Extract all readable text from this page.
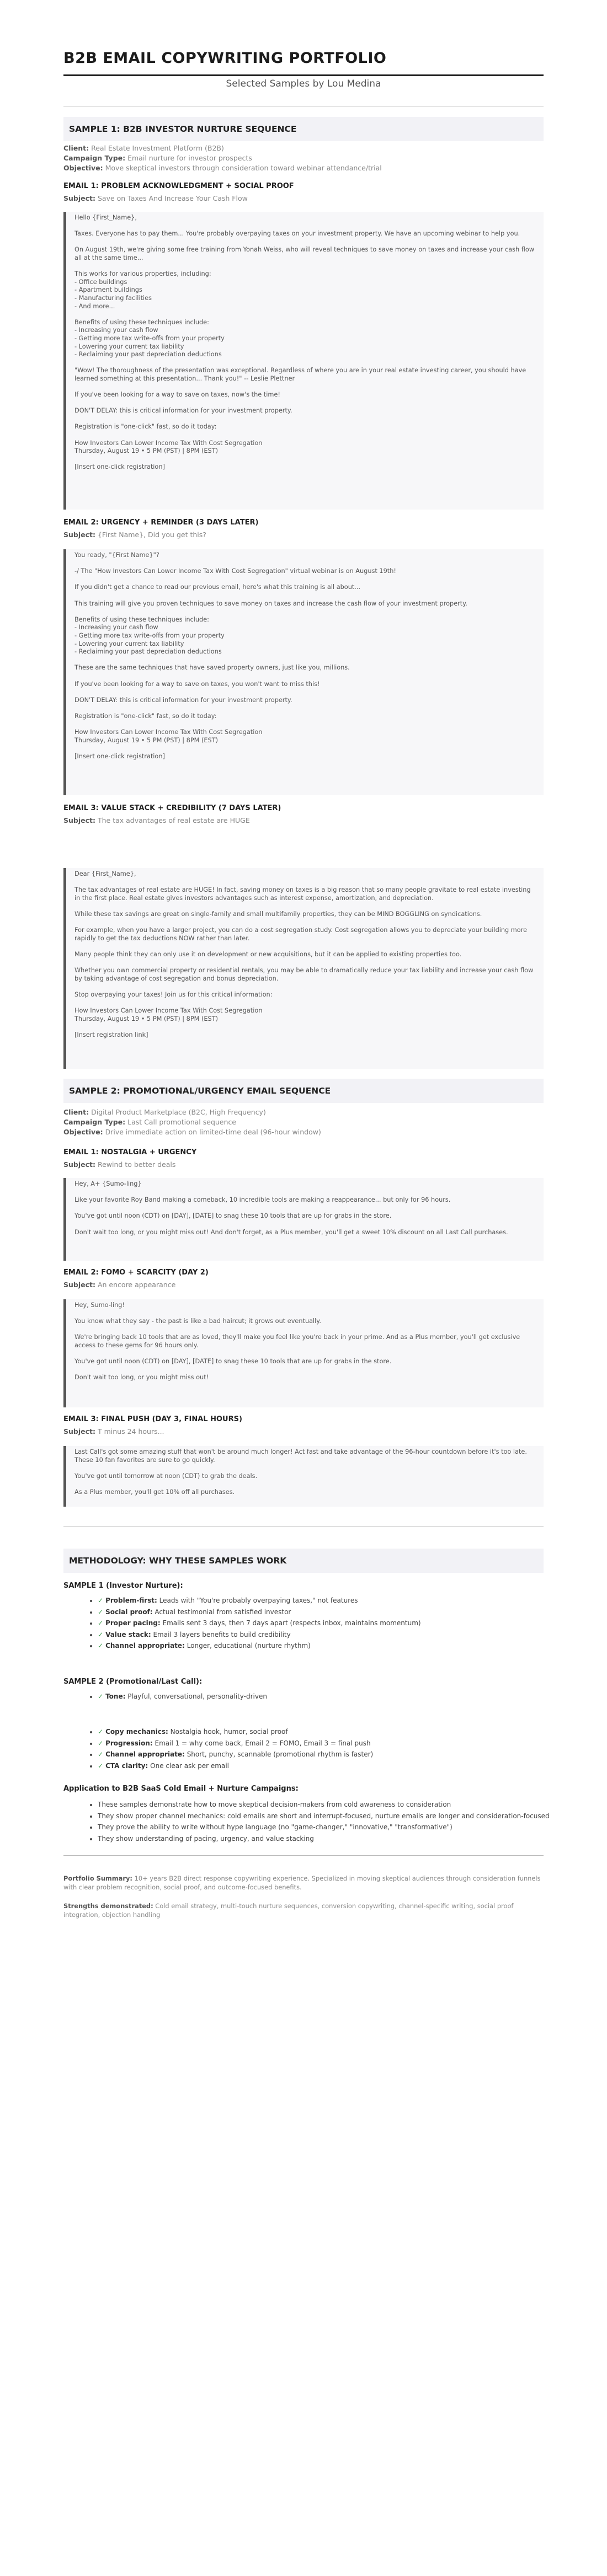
B2B EMAIL COPYWRITING PORTFOLIO
Selected Samples by Lou Medina
SAMPLE 1: B2B INVESTOR NURTURE SEQUENCE
Client: Real Estate Investment Platform (B2B)
Campaign Type: Email nurture for investor prospects
Objective: Move skeptical investors through consideration toward webinar attendance/trial
EMAIL 1: PROBLEM ACKNOWLEDGMENT + SOCIAL PROOF
Subject: Save on Taxes And Increase Your Cash Flow

Hello {First_Name},

Taxes. Everyone has to pay them... You're probably overpaying taxes on your investment property. We have an upcoming webinar to help you.

On August 19th, we're giving some free training from Yonah Weiss, who will reveal techniques to save money on taxes and increase your cash flow all at the same time...

This works for various properties, including:
- Office buildings
- Apartment buildings
- Manufacturing facilities
- And more...

Benefits of using these techniques include:
- Increasing your cash flow
- Getting more tax write-offs from your property
- Lowering your current tax liability
- Reclaiming your past depreciation deductions

"Wow! The thoroughness of the presentation was exceptional. Regardless of where you are in your real estate investing career, you should have learned something at this presentation... Thank you!" -- Leslie Plettner

If you've been looking for a way to save on taxes, now's the time!

DON'T DELAY: this is critical information for your investment property.

Registration is "one-click" fast, so do it today:

How Investors Can Lower Income Tax With Cost Segregation
Thursday, August 19 • 5 PM (PST) | 8PM (EST)

[Insert one-click registration]

EMAIL 2: URGENCY + REMINDER (3 DAYS LATER)
Subject: {First Name}, Did you get this?

You ready, "{First Name}"?

-/ The "How Investors Can Lower Income Tax With Cost Segregation" virtual webinar is on August 19th!

If you didn't get a chance to read our previous email, here's what this training is all about...

This training will give you proven techniques to save money on taxes and increase the cash flow of your investment property.

Benefits of using these techniques include:
- Increasing your cash flow
- Getting more tax write-offs from your property
- Lowering your current tax liability
- Reclaiming your past depreciation deductions

These are the same techniques that have saved property owners, just like you, millions.

If you've been looking for a way to save on taxes, you won't want to miss this!

DON'T DELAY: this is critical information for your investment property.

Registration is "one-click" fast, so do it today:

How Investors Can Lower Income Tax With Cost Segregation
Thursday, August 19 • 5 PM (PST) | 8PM (EST)

[Insert one-click registration]

EMAIL 3: VALUE STACK + CREDIBILITY (7 DAYS LATER)
Subject: The tax advantages of real estate are HUGE

Dear {First_Name},

The tax advantages of real estate are HUGE! In fact, saving money on taxes is a big reason that so many people gravitate to real estate investing in the first place. Real estate gives investors advantages such as interest expense, amortization, and depreciation.

While these tax savings are great on single-family and small multifamily properties, they can be MIND BOGGLING on syndications.

For example, when you have a larger project, you can do a cost segregation study. Cost segregation allows you to depreciate your building more rapidly to get the tax deductions NOW rather than later.

Many people think they can only use it on development or new acquisitions, but it can be applied to existing properties too.

Whether you own commercial property or residential rentals, you may be able to dramatically reduce your tax liability and increase your cash flow by taking advantage of cost segregation and bonus depreciation.

Stop overpaying your taxes! Join us for this critical information:

How Investors Can Lower Income Tax With Cost Segregation
Thursday, August 19 • 5 PM (PST) | 8PM (EST)

[Insert registration link]

SAMPLE 2: PROMOTIONAL/URGENCY EMAIL SEQUENCE
Client: Digital Product Marketplace (B2C, High Frequency)
Campaign Type: Last Call promotional sequence
Objective: Drive immediate action on limited-time deal (96-hour window)
EMAIL 1: NOSTALGIA + URGENCY
Subject: Rewind to better deals

Hey, A+ {Sumo-ling}

Like your favorite Roy Band making a comeback, 10 incredible tools are making a reappearance... but only for 96 hours.

You've got until noon (CDT) on [DAY], [DATE] to snag these 10 tools that are up for grabs in the store.

Don't wait too long, or you might miss out! And don't forget, as a Plus member, you'll get a sweet 10% discount on all Last Call purchases.

EMAIL 2: FOMO + SCARCITY (DAY 2)
Subject: An encore appearance

Hey, Sumo-ling!

You know what they say - the past is like a bad haircut; it grows out eventually.

We're bringing back 10 tools that are as loved, they'll make you feel like you're back in your prime. And as a Plus member, you'll get exclusive access to these gems for 96 hours only.

You've got until noon (CDT) on [DAY], [DATE] to snag these 10 tools that are up for grabs in the store.

Don't wait too long, or you might miss out!

EMAIL 3: FINAL PUSH (DAY 3, FINAL HOURS)
Subject: T minus 24 hours...

Last Call's got some amazing stuff that won't be around much longer! Act fast and take advantage of the 96-hour countdown before it's too late. These 10 fan favorites are sure to go quickly.

You've got until tomorrow at noon (CDT) to grab the deals.

As a Plus member, you'll get 10% off all purchases.

METHODOLOGY: WHY THESE SAMPLES WORK
SAMPLE 1 (Investor Nurture):
• ✓ Problem-first: Leads with "You're probably overpaying taxes," not features
• ✓ Social proof: Actual testimonial from satisfied investor
• ✓ Proper pacing: Emails sent 3 days, then 7 days apart (respects inbox, maintains momentum)
• ✓ Value stack: Email 3 layers benefits to build credibility
• ✓ Channel appropriate: Longer, educational (nurture rhythm)
SAMPLE 2 (Promotional/Last Call):
• ✓ Tone: Playful, conversational, personality-driven
• ✓ Copy mechanics: Nostalgia hook, humor, social proof
• ✓ Progression: Email 1 = why come back, Email 2 = FOMO, Email 3 = final push
• ✓ Channel appropriate: Short, punchy, scannable (promotional rhythm is faster)
• ✓ CTA clarity: One clear ask per email
Application to B2B SaaS Cold Email + Nurture Campaigns:
• These samples demonstrate how to move skeptical decision-makers from cold awareness to consideration
• They show proper channel mechanics: cold emails are short and interrupt-focused, nurture emails are longer and consideration-focused
• They prove the ability to write without hype language (no "game-changer," "innovative," "transformative")
• They show understanding of pacing, urgency, and value stacking
Portfolio Summary: 10+ years B2B direct response copywriting experience. Specialized in moving skeptical audiences through consideration funnels with clear problem recognition, social proof, and outcome-focused benefits.
Strengths demonstrated: Cold email strategy, multi-touch nurture sequences, conversion copywriting, channel-specific writing, social proof integration, objection handling
